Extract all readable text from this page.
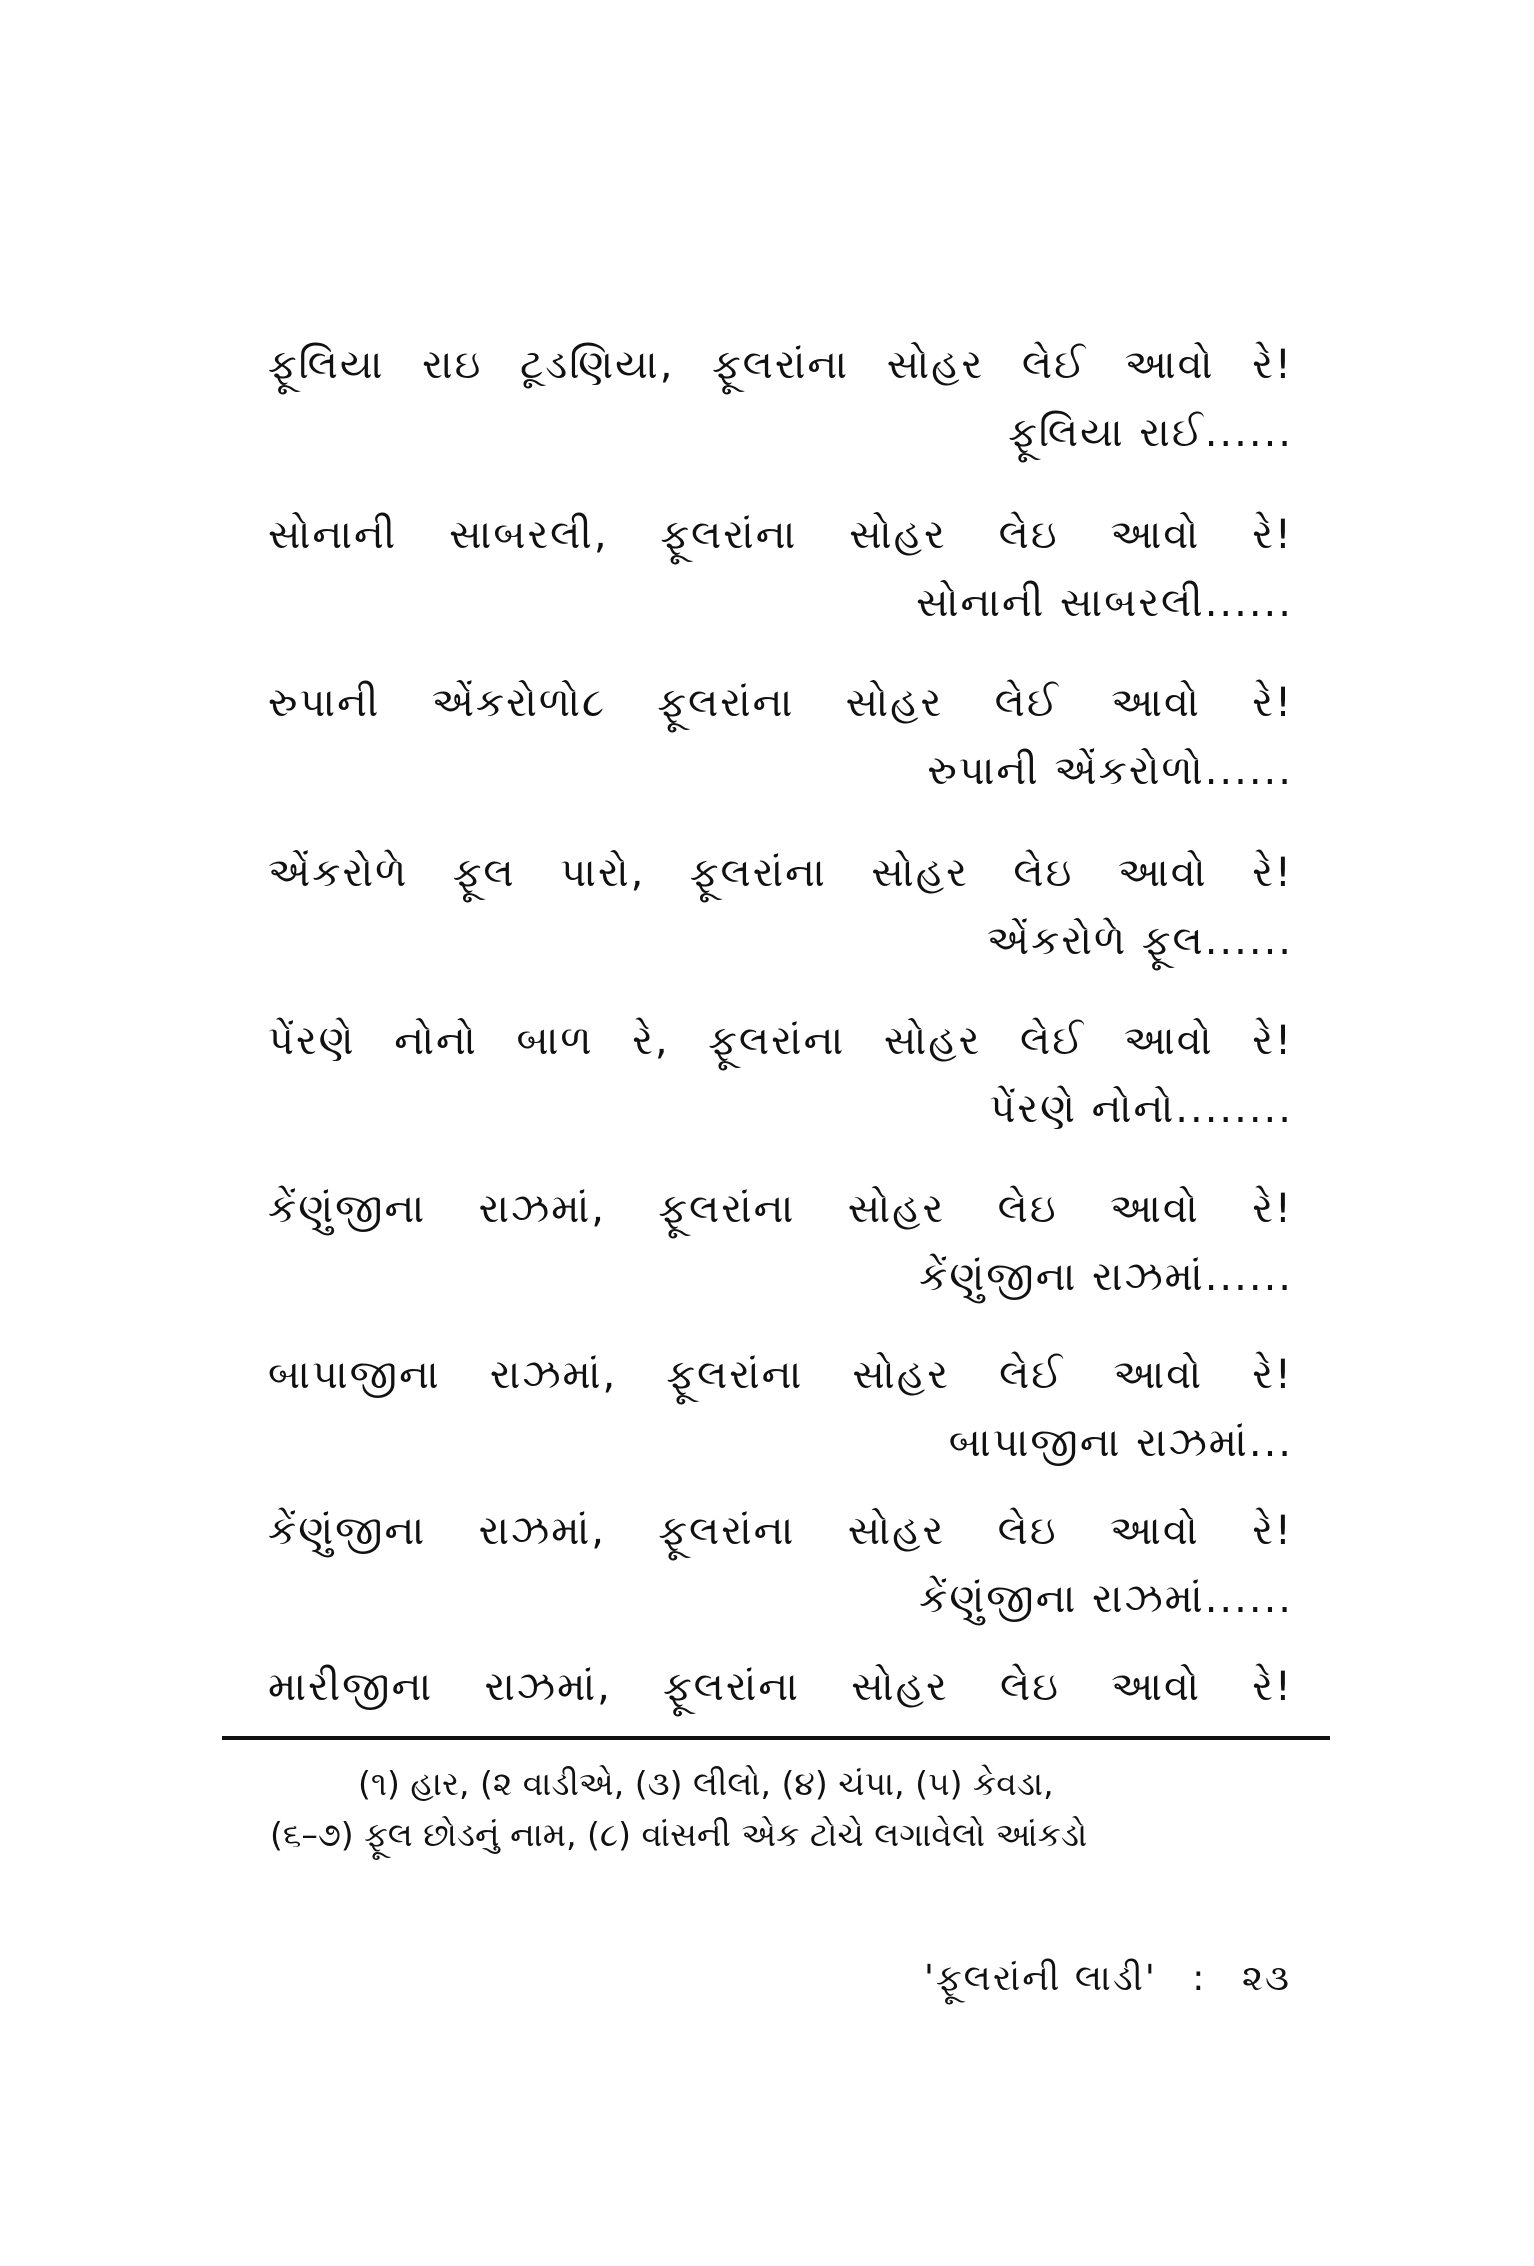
ફૂલિયા રાઇ ટૂડણિયા, ફૂલરાંના સોહર લેઈ આવો રે!
ફૂલિયા રાઈ......
સોનાની સાબરલી, ફૂલરાંના સોહર લેઇ આવો રે!
સોનાની સાબરલી......
રુપાની એંકરોળો૮ ફૂલરાંના સોહર લેઈ આવો રે!
રુપાની એંકરોળો......
એંકરોળે ફૂલ પારો, ફૂલરાંના સોહર લેઇ આવો રે!
એંકરોળે ફૂલ......
પેંરણે નોનો બાળ રે, ફૂલરાંના સોહર લેઈ આવો રે!
પેંરણે નોનો........
કેંણુંજીના રાઝમાં, ફૂલરાંના સોહર લેઇ આવો રે!
કેંણુંજીના રાઝમાં......
બાપાજીના રાઝમાં, ફૂલરાંના સોહર લેઈ આવો રે!
બાપાજીના રાઝમાં...
કેંણુંજીના રાઝમાં, ફૂલરાંના સોહર લેઇ આવો રે!
કેંણુંજીના રાઝમાં......
મારીજીના રાઝમાં, ફૂલરાંના સોહર લેઇ આવો રે!
(૧) હાર, (૨ વાડીએ, (૩) લીલો, (૪) ચંપા, (૫) કેવડા,
(૬–૭) ફૂલ છોડનું નામ, (૮) વાંસની એક ટોચે લગાવેલો આંકડો
'ફૂલરાંની લાડી' : ૨૩
